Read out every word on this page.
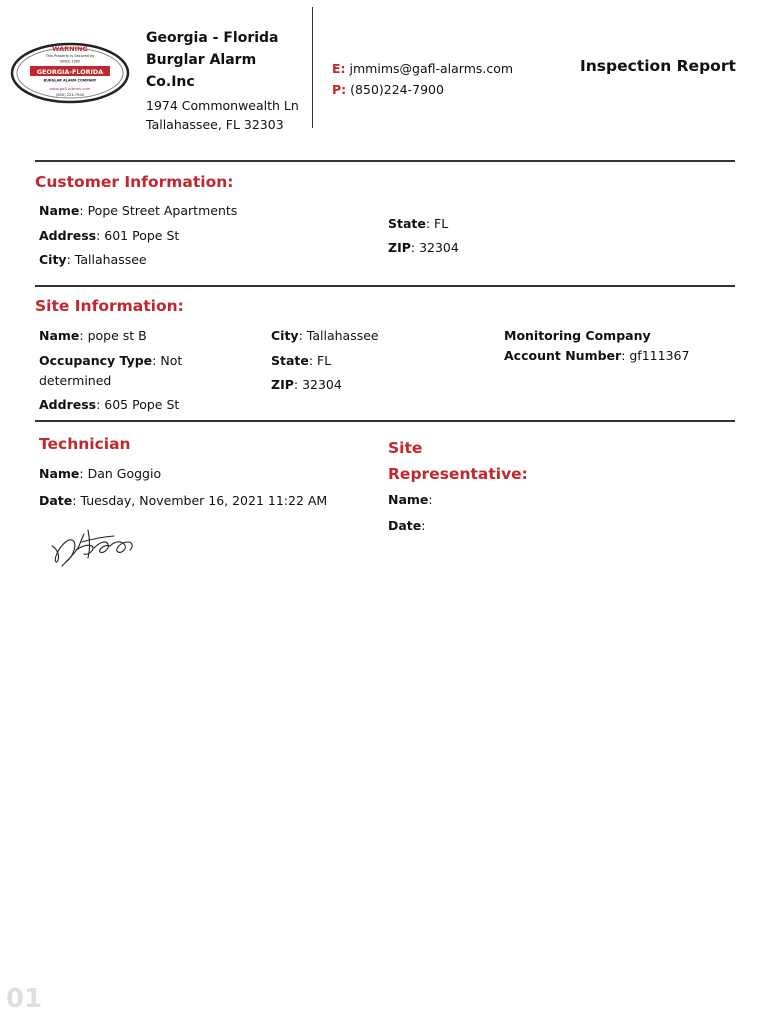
WARNING
This Property is Secured by
SINCE 1985
GEORGIA-FLORIDA
BURGLAR ALARM COMPANY
www.gafl-alarms.com
(850) 224-7900
Georgia - Florida
Burglar Alarm
Co.Inc
1974 Commonwealth Ln
Tallahassee, FL 32303
E: jmmims@gafl-alarms.com
P: (850)224-7900
Inspection Report
Customer Information:
Name: Pope Street Apartments
Address: 601 Pope St
City: Tallahassee
State: FL
ZIP: 32304
Site Information:
Name: pope st B
Occupancy Type: Not
determined
Address: 605 Pope St
City: Tallahassee
State: FL
ZIP: 32304
Monitoring Company
Account Number: gf111367
Technician
Name: Dan Goggio
Date: Tuesday, November 16, 2021 11:22 AM
Site
Representative:
Name:
Date:
01
